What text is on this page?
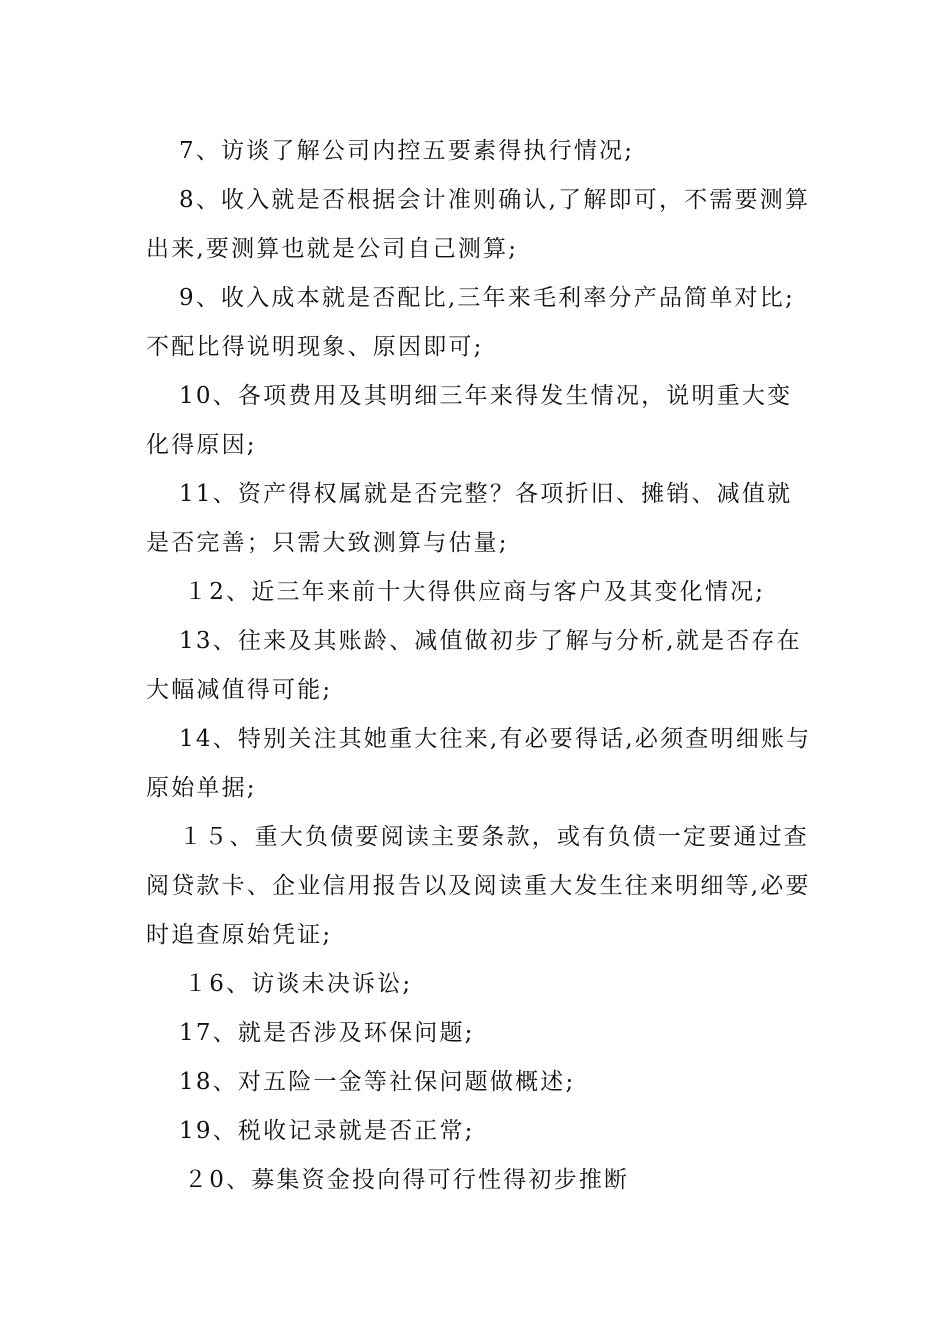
7、访谈了解公司内控五要素得执行情况;

8、收入就是否根据会计准则确认,了解即可，不需要测算出来,要测算也就是公司自己测算;

9、收入成本就是否配比,三年来毛利率分产品简单对比;不配比得说明现象、原因即可;

10、各项费用及其明细三年来得发生情况，说明重大变化得原因;

11、资产得权属就是否完整？各项折旧、摊销、减值就是否完善；只需大致测算与估量;

１2、近三年来前十大得供应商与客户及其变化情况;

13、往来及其账龄、减值做初步了解与分析,就是否存在大幅减值得可能;

14、特别关注其她重大往来,有必要得话,必须查明细账与原始单据;

１５、重大负债要阅读主要条款，或有负债一定要通过查阅贷款卡、企业信用报告以及阅读重大发生往来明细等,必要时追查原始凭证;

１6、访谈未决诉讼;

17、就是否涉及环保问题;

18、对五险一金等社保问题做概述;

19、税收记录就是否正常;

２0、募集资金投向得可行性得初步推断
